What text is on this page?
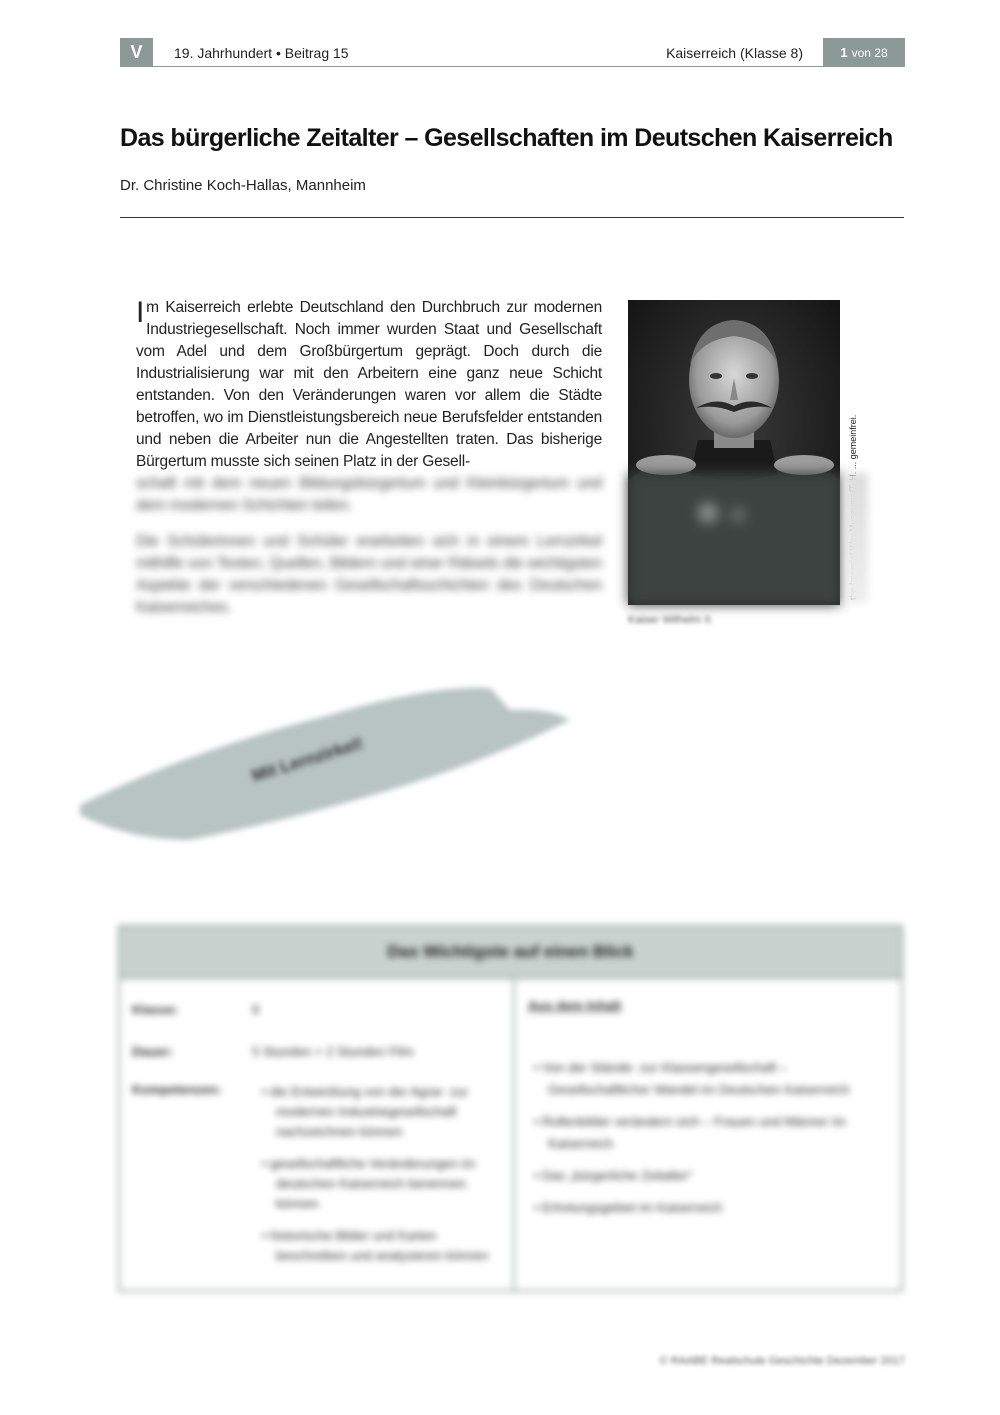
V	19. Jahrhundert • Beitrag 15	Kaiserreich (Klasse 8)	1 von 28
Das bürgerliche Zeitalter – Gesellschaften im Deutschen Kaiserreich
Dr. Christine Koch-Hallas, Mannheim
Im Kaiserreich erlebte Deutschland den Durchbruch zur modernen Industriegesellschaft. Noch immer wurden Staat und Gesellschaft vom Adel und dem Großbürgertum geprägt. Doch durch die Industrialisierung war mit den Arbeitern eine ganz neue Schicht entstanden. Von den Veränderungen waren vor allem die Städte betroffen, wo im Dienstleistungsbereich neue Berufsfelder entstanden und neben die Arbeiter nun die Angestellten traten. Das bisherige Bürgertum musste sich seinen Platz in der Gesell-

schaft mit dem neuen Bildungsbürgertum und Kleinbürgertum und dem modernen Schichten teilen.

Die Schülerinnen und Schüler erarbeiten sich in einem Lernzirkel mithilfe von Texten, Quellen, Bildern und einer Rätsels die wichtigsten Aspekte der verschiedenen Gesellschaftsschichten des Deutschen Kaiserreiches.

Kaiser Wilhelm II.
Mit Lernzirkel!
Das Wichtigste auf einen Blick
Klasse:	8
Dauer:	5 Stunden + 2 Stunden Film
Kompetenzen:	• die Entwicklung von der Agrar- zur modernen Industriegesellschaft nachzeichnen können
• gesellschaftliche Veränderungen im deutschen Kaiserreich benennen können
• historische Bilder und Karten beschreiben und analysieren können
Aus dem Inhalt
• Von der Stände- zur Klassengesellschaft – Gesellschaftlicher Wandel im Deutschen Kaiserreich
• Rollenbilder verändern sich – Frauen und Männer im Kaiserreich
• Das „bürgerliche Zeitalter“
• Erholungsgebiet im Kaiserreich
© RAABE Realschule Geschichte Dezember 2017
